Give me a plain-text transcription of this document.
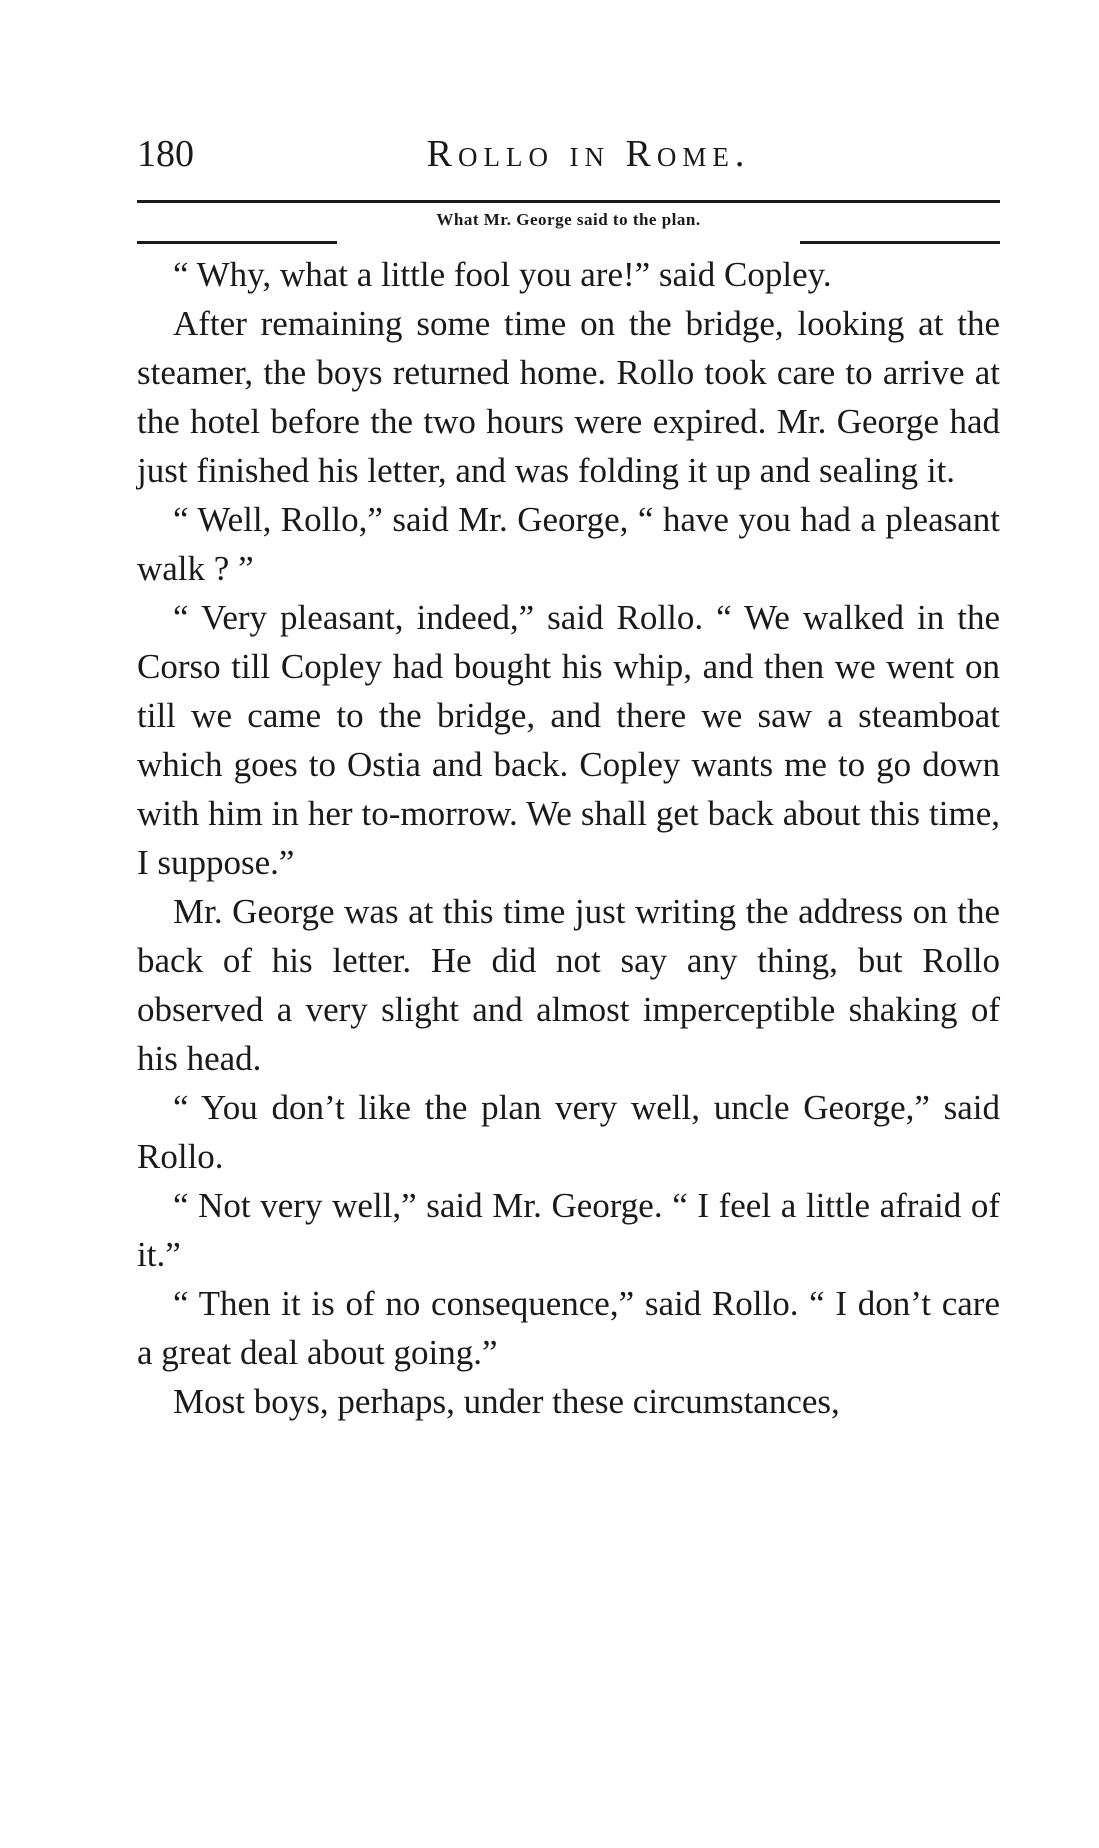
180	Rollo in Rome.
What Mr. George said to the plan.

“ Why, what a little fool you are!” said Copley.

After remaining some time on the bridge, looking at the steamer, the boys returned home. Rollo took care to arrive at the hotel before the two hours were expired. Mr. George had just finished his letter, and was folding it up and sealing it.

“ Well, Rollo,” said Mr. George, “ have you had a pleasant walk ? ”

“ Very pleasant, indeed,” said Rollo. “ We walked in the Corso till Copley had bought his whip, and then we went on till we came to the bridge, and there we saw a steamboat which goes to Ostia and back. Copley wants me to go down with him in her to-morrow. We shall get back about this time, I suppose.”

Mr. George was at this time just writing the address on the back of his letter. He did not say any thing, but Rollo observed a very slight and almost imperceptible shaking of his head.

“ You don’t like the plan very well, uncle George,” said Rollo.

“ Not very well,” said Mr. George. “ I feel a little afraid of it.”

“ Then it is of no consequence,” said Rollo. “ I don’t care a great deal about going.”

Most boys, perhaps, under these circumstances,
